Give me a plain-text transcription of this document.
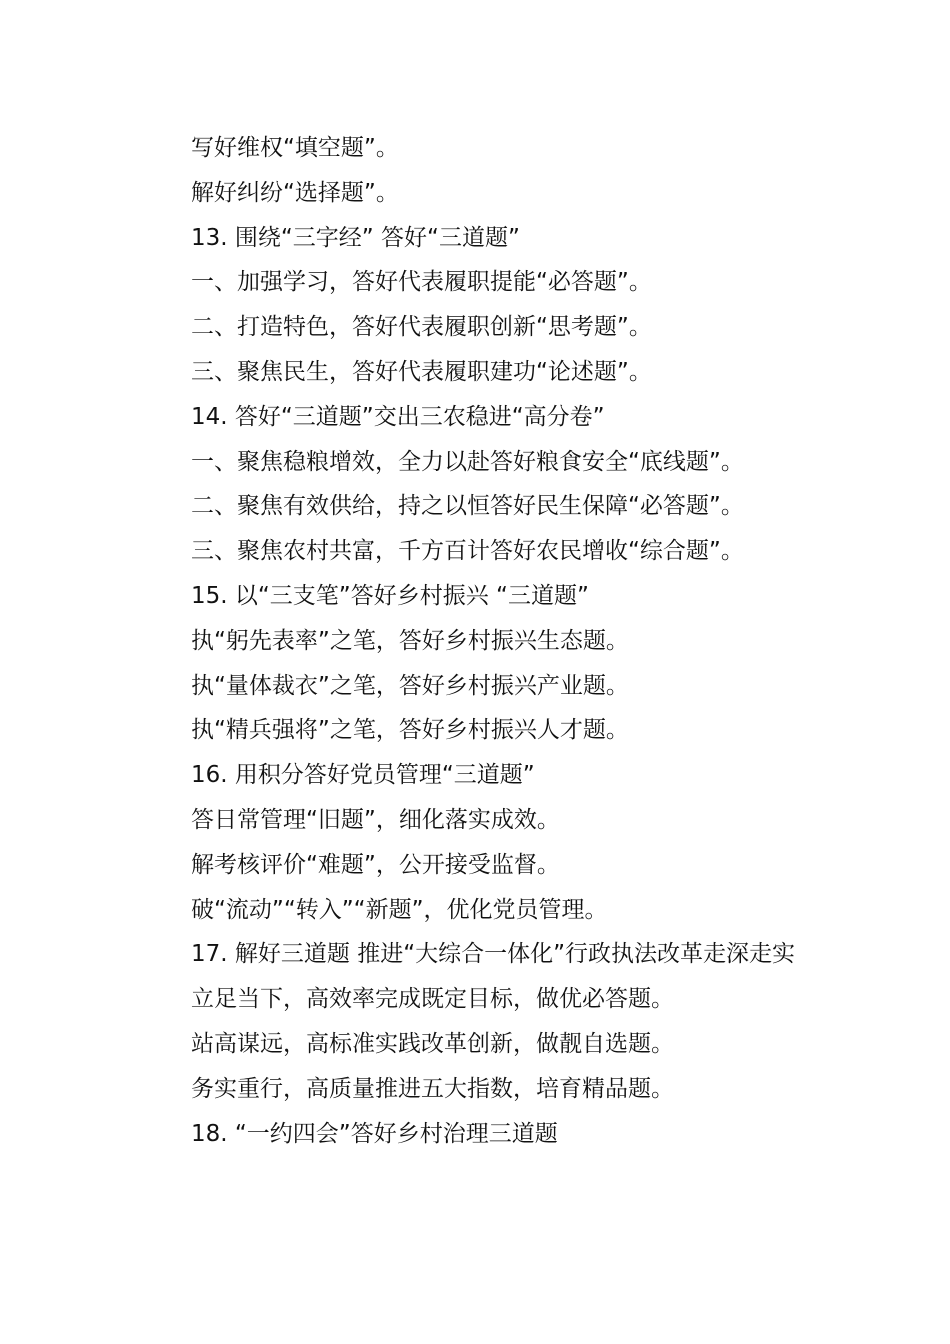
写好维权“填空题”。

解好纠纷“选择题”。

13. 围绕“三字经” 答好“三道题”

一、加强学习，答好代表履职提能“必答题”。

二、打造特色，答好代表履职创新“思考题”。

三、聚焦民生，答好代表履职建功“论述题”。

14. 答好“三道题”交出三农稳进“高分卷”

一、聚焦稳粮增效，全力以赴答好粮食安全“底线题”。

二、聚焦有效供给，持之以恒答好民生保障“必答题”。

三、聚焦农村共富，千方百计答好农民增收“综合题”。

15. 以“三支笔”答好乡村振兴 “三道题”

执“躬先表率”之笔，答好乡村振兴生态题。

执“量体裁衣”之笔，答好乡村振兴产业题。

执“精兵强将”之笔，答好乡村振兴人才题。

16. 用积分答好党员管理“三道题”

答日常管理“旧题”，细化落实成效。

解考核评价“难题”，公开接受监督。

破“流动”“转入”“新题”，优化党员管理。

17. 解好三道题 推进“大综合一体化”行政执法改革走深走实

立足当下，高效率完成既定目标，做优必答题。

站高谋远，高标准实践改革创新，做靓自选题。

务实重行，高质量推进五大指数，培育精品题。

18. “一约四会”答好乡村治理三道题
